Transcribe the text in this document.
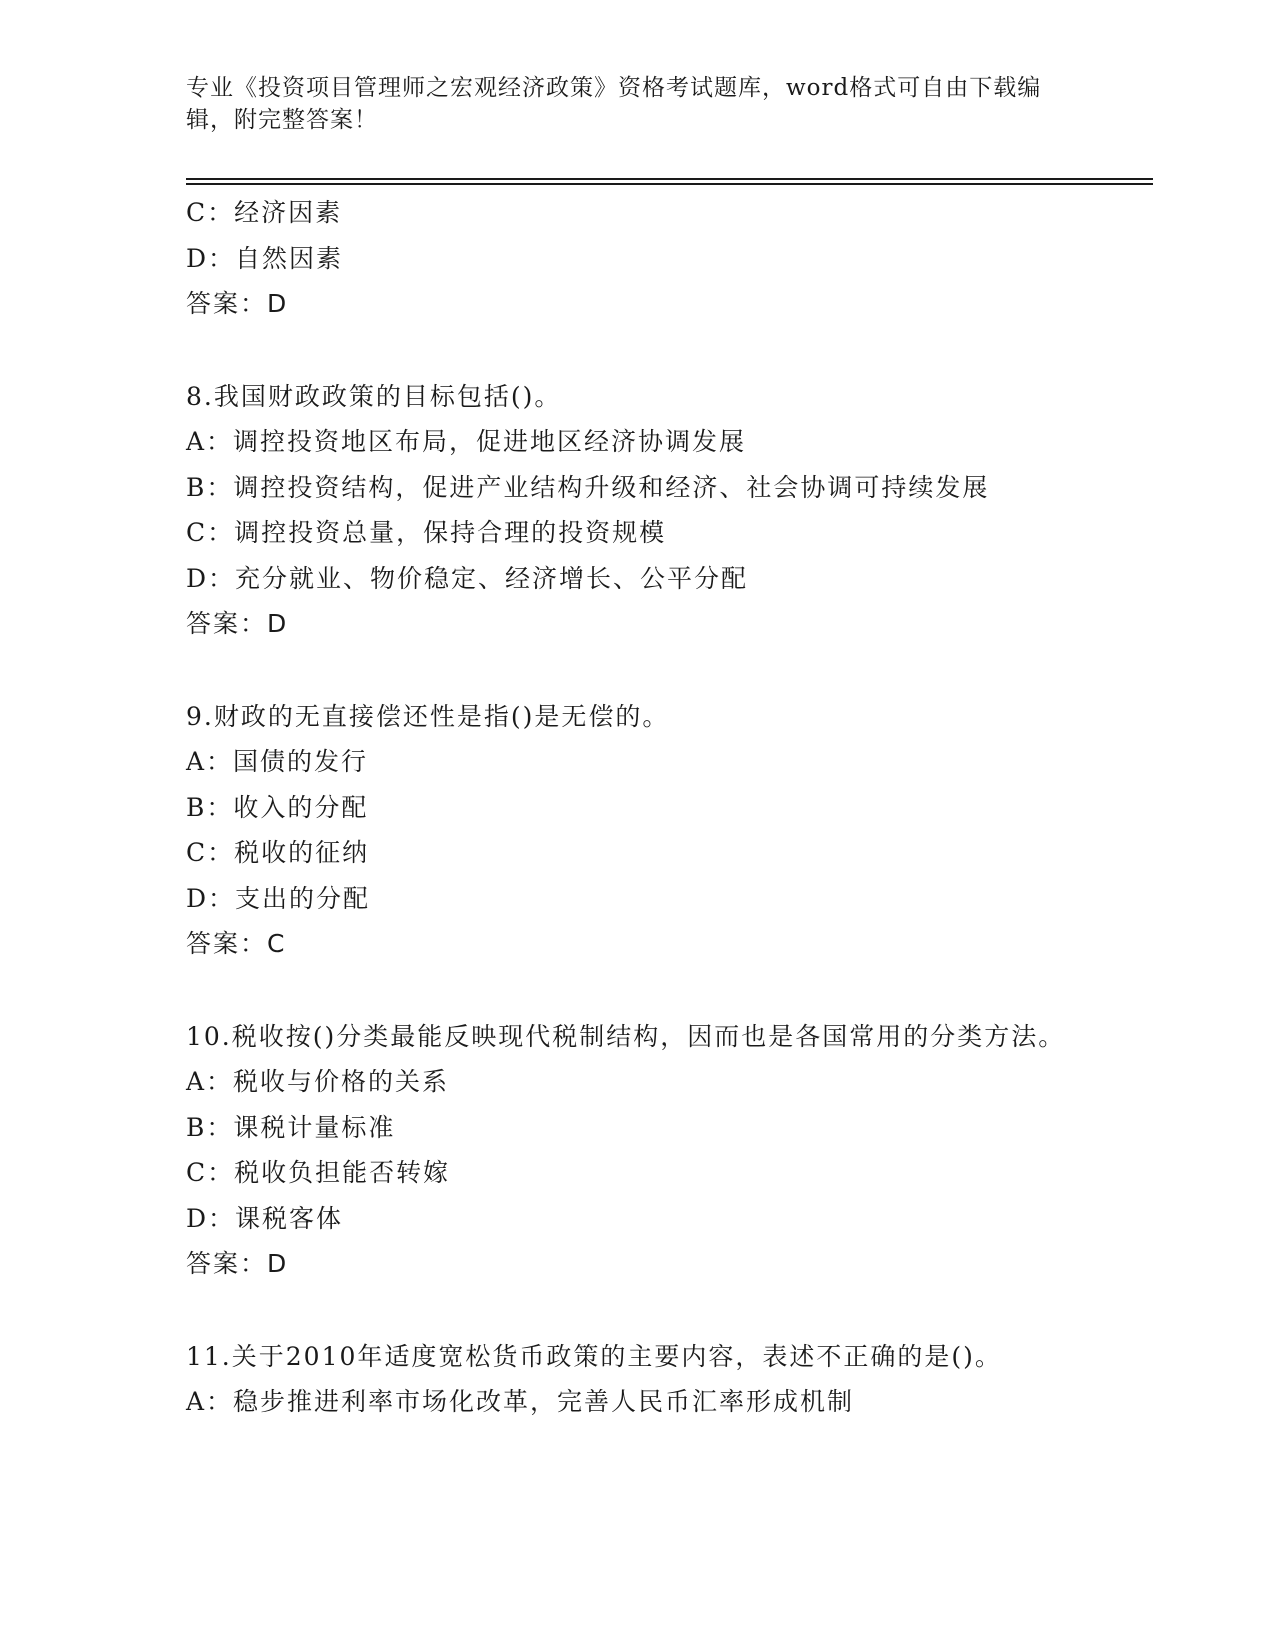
专业《投资项目管理师之宏观经济政策》资格考试题库，word格式可自由下载编辑，附完整答案！
C：经济因素
D：自然因素
答案：D
8.我国财政政策的目标包括()。
A：调控投资地区布局，促进地区经济协调发展
B：调控投资结构，促进产业结构升级和经济、社会协调可持续发展
C：调控投资总量，保持合理的投资规模
D：充分就业、物价稳定、经济增长、公平分配
答案：D
9.财政的无直接偿还性是指()是无偿的。
A：国债的发行
B：收入的分配
C：税收的征纳
D：支出的分配
答案：C
10.税收按()分类最能反映现代税制结构，因而也是各国常用的分类方法。
A：税收与价格的关系
B：课税计量标准
C：税收负担能否转嫁
D：课税客体
答案：D
11.关于2010年适度宽松货币政策的主要内容，表述不正确的是()。
A：稳步推进利率市场化改革，完善人民币汇率形成机制
